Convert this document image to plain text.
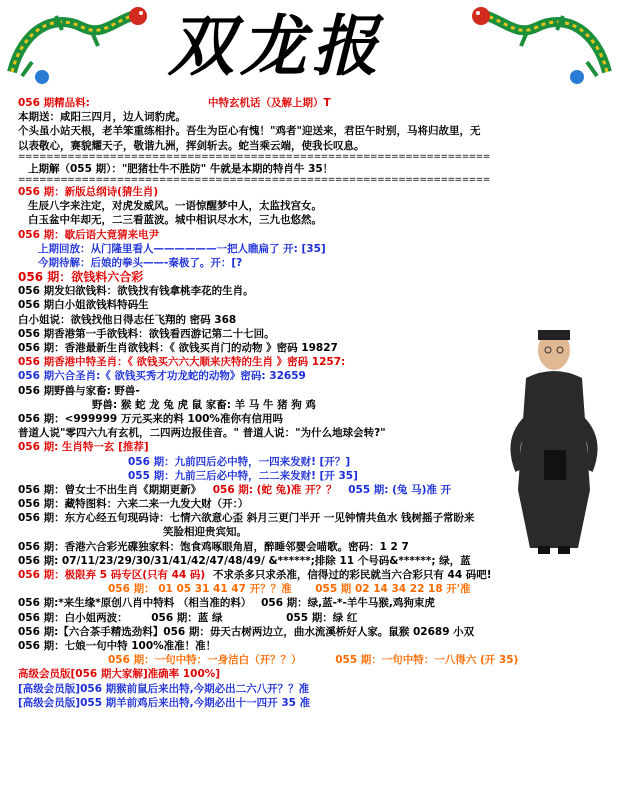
双龙报
056 期精品料:	中特玄机话（及解上期）T
本期送：咸阳三四月，边人词豹虎。
个头虽小站天根，老羊笨重练相扑。吾生为臣心有愧！"鸡者"迎送来，君臣午时别，马将归故里，无
以表敬心，赛貌耀天子，敬谐九洲，挥剑斩去。蛇当乘云端，使我长叹息。
===================================================================
上期解（055 期）："肥猪壮牛不胜防" 牛就是本期的特肖牛 35！
===================================================================
056 期：新版总纲诗(猜生肖)
生辰八字来注定，对虎发威风。一语惊醒梦中人，太监找宫女。
白玉盆中年却无，二三看蓝波。城中相识尽水木，三九也悠然。
056 期：歇后语大竟猜来电尹
上期回放：从门隆里看人——————一把人瞧扁了 开: [35]
今期待解：后娘的拳头——-秦极了。开：[?
056 期：欲钱料六合彩
056 期发妇欲钱料：欲钱找有钱拿桃李花的生肖。
056 期白小姐欲钱料特码生
白小姐说：欲钱找他日得志任飞翔的 密码 368
056 期香港第一手欲钱料：欲钱看西游记第二十七回。
056 期：香港最新生肖欲钱料：《 欲钱买肖门的动物 》密码 19827
056 期香港中特圣肖：《 欲钱买六六大顺来庆特的生肖 》密码 1257:
056 期六合圣肖:《 欲钱买秀才功龙蛇的动物》密码: 32659
056 期野兽与家畜: 野兽-
野兽: 猴 蛇 龙 兔 虎 鼠 家畜: 羊 马 牛 猪 狗 鸡
056 期：<999999 万元买来的料 100%准你有信用吗
普道人说"零四六九有玄机，二四两边报佳音。" 普道人说："为什么地球会转?"
056 期: 生肖特一玄 [推荐]
056 期：九前四后必中特，一四来发财! [开？]
055 期：九前三后必中特，二二来发财! [开 35]
056 期：曾女士不出生肖《期期更新》 056 期: (蛇 兔)准 开？？ 055 期: (兔 马)准 开
056 期：藏特图料：六来二来一九发大财（开：）
056 期：东方心经五句现码诗：七情六欲意心歪 斜月三更门半开 一见钟情共鱼水 钱树摇子常盼来
笑脸相迎贵宾知。
056 期：香港六合彩光碟独家料：饱食鸡啄眼角眉，醉睡邻婴会喵歌。密码：1 2 7
056 期: 07/11/23/29/30/31/41/42/47/48/49/ &******;排除 11 个号码&******; 绿，蓝
056 期：极限弃 5 码专区(只有 44 码) 不求杀多只求杀准，信得过的彩民就当六合彩只有 44 码吧!
056 期： 01 05 31 41 47 开？？准 055 期 02 14 34 22 18 开'准
056 期:*来生缘*原创八肖中特料 （相当准的料） 056 期：绿,蓝-*-羊牛马猴,鸡狗束虎
056 期：白小姐两波： 056 期：蓝 绿	055 期：绿 红
056 期:【六合茶手精选劲料】056 期：毋天古树两边立，曲水流溪桥好人家。鼠猴 02689 小双
056 期：七娘一句中特 100%准准！准！
056 期：一句中特：一身洁白（开？？）	055 期：一句中特：一八得六 (开 35)
高级会员版[056 期大家解]准确率 100%]
[高级会员版]056 期猴前鼠后来出特,今期必出二六八开？？准
[高级会员版]055 期羊前鸡后来出特,今期必出十一四开 35 准
